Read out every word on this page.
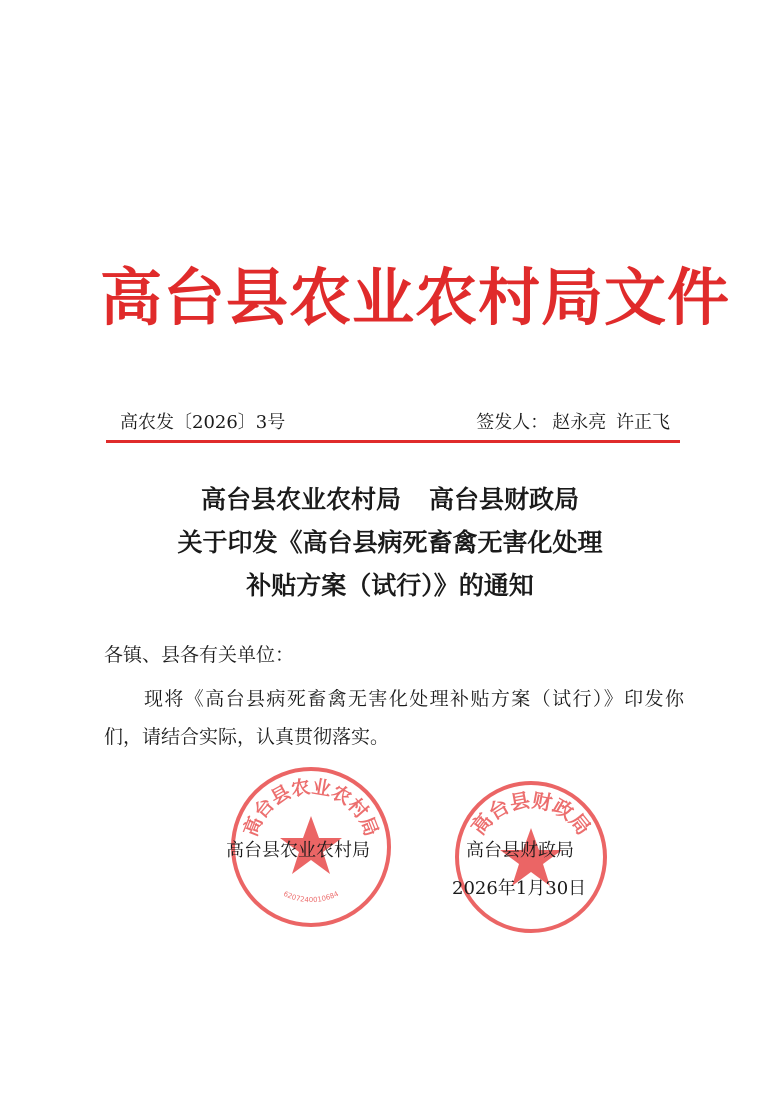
高台县农业农村局文件
高农发〔2026〕3号	签发人： 赵永亮 许正飞
高台县农业农村局 高台县财政局
关于印发《高台县病死畜禽无害化处理
补贴方案（试行）》的通知
各镇、县各有关单位：
现将《高台县病死畜禽无害化处理补贴方案（试行）》印发你们，请结合实际，认真贯彻落实。
高台县农业农村局
6207240010684
高台县财政局
高台县农业农村局	高台县财政局
2026年1月30日
